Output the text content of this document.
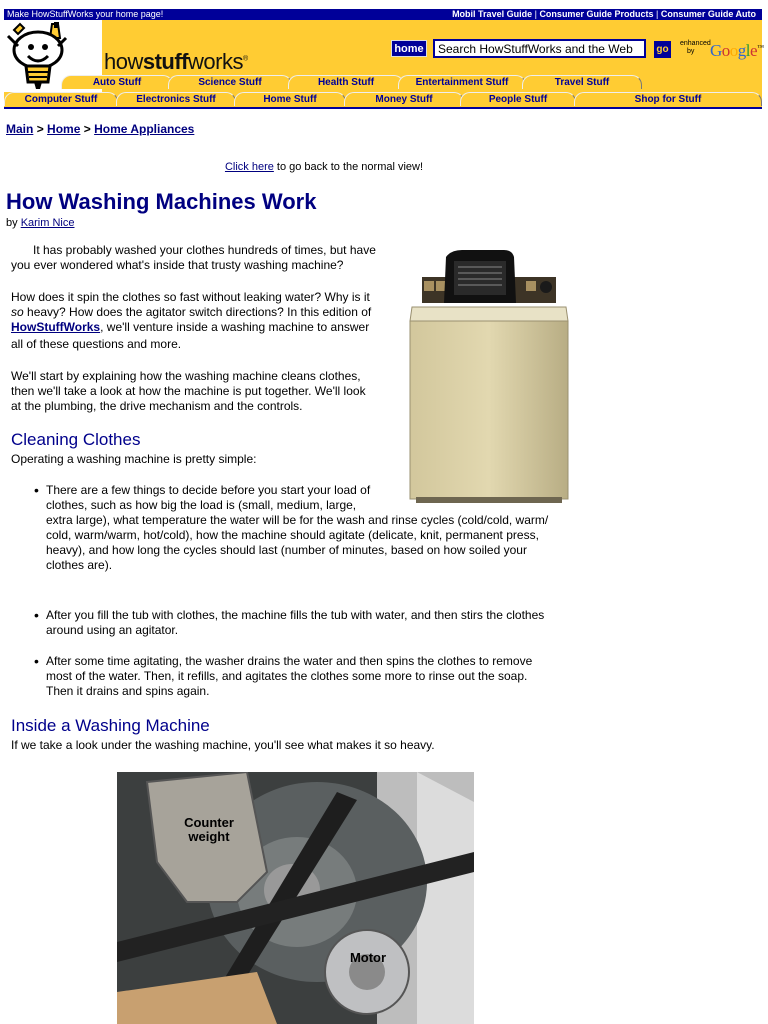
Make HowStuffWorks your home page!	Mobil Travel Guide | Consumer Guide Products | Consumer Guide Auto
howstuffworks®
home
Search HowStuffWorks and the Web	go
enhanced
by Google™
Auto Stuff	Science Stuff	Health Stuff	Entertainment Stuff	Travel Stuff
Computer Stuff	Electronics Stuff	Home Stuff	Money Stuff	People Stuff	Shop for Stuff
Main > Home > Home Appliances
Click here to go back to the normal view!
How Washing Machines Work
by Karim Nice
It has probably washed your clothes hundreds of times, but have
you ever wondered what's inside that trusty washing machine?
How does it spin the clothes so fast without leaking water? Why is it
so heavy? How does the agitator switch directions? In this edition of
HowStuffWorks, we'll venture inside a washing machine to answer
all of these questions and more.
We'll start by explaining how the washing machine cleans clothes,
then we'll take a look at how the machine is put together. We'll look
at the plumbing, the drive mechanism and the controls.
Cleaning Clothes
Operating a washing machine is pretty simple:
• There are a few things to decide before you start your load of
clothes, such as how big the load is (small, medium, large,
extra large), what temperature the water will be for the wash and rinse cycles (cold/cold, warm/
cold, warm/warm, hot/cold), how the machine should agitate (delicate, knit, permanent press,
heavy), and how long the cycles should last (number of minutes, based on how soiled your
clothes are).
• After you fill the tub with clothes, the machine fills the tub with water, and then stirs the clothes
around using an agitator.
• After some time agitating, the washer drains the water and then spins the clothes to remove
most of the water. Then, it refills, and agitates the clothes some more to rinse out the soap.
Then it drains and spins again.
Inside a Washing Machine
If we take a look under the washing machine, you'll see what makes it so heavy.
Counter
weight
Motor
